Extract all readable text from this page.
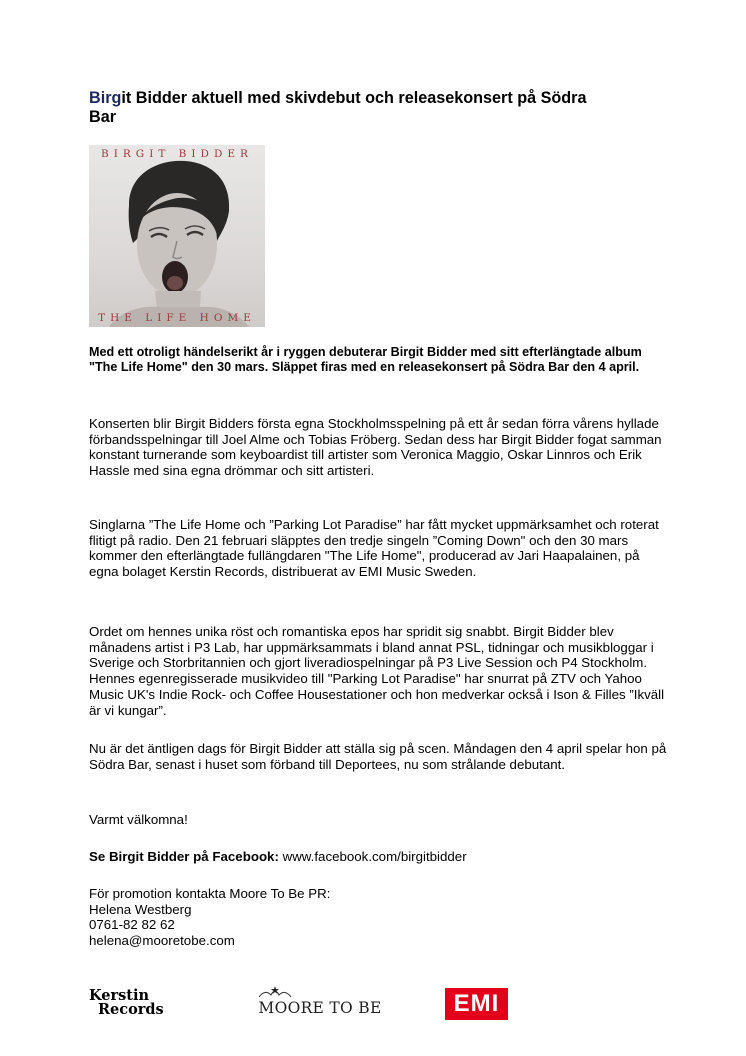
Birgit Bidder aktuell med skivdebut och releasekonsert på Södra
Bar
BIRGIT BIDDER
THE LIFE HOME

Med ett otroligt händelserikt år i ryggen debuterar Birgit Bidder med sitt efterlängtade album "The Life Home" den 30 mars. Släppet firas med en releasekonsert på Södra Bar den 4 april.

Konserten blir Birgit Bidders första egna Stockholmsspelning på ett år sedan förra vårens hyllade förbandsspelningar till Joel Alme och Tobias Fröberg. Sedan dess har Birgit Bidder fogat samman konstant turnerande som keyboardist till artister som Veronica Maggio, Oskar Linnros och Erik Hassle med sina egna drömmar och sitt artisteri.

Singlarna ”The Life Home och ”Parking Lot Paradise” har fått mycket uppmärksamhet och roterat flitigt på radio. Den 21 februari släpptes den tredje singeln ”Coming Down" och den 30 mars kommer den efterlängtade fullängdaren "The Life Home", producerad av Jari Haapalainen, på egna bolaget Kerstin Records, distribuerat av EMI Music Sweden.

Ordet om hennes unika röst och romantiska epos har spridit sig snabbt. Birgit Bidder blev månadens artist i P3 Lab, har uppmärksammats i bland annat PSL, tidningar och musikbloggar i Sverige och Storbritannien och gjort liveradiospelningar på P3 Live Session och P4 Stockholm. Hennes egenregisserade musikvideo till "Parking Lot Paradise" har snurrat på ZTV och Yahoo Music UK's Indie Rock- och Coffee Housestationer och hon medverkar också i Ison & Filles ”Ikväll är vi kungar”.

Nu är det äntligen dags för Birgit Bidder att ställa sig på scen. Måndagen den 4 april spelar hon på Södra Bar, senast i huset som förband till Deportees, nu som strålande debutant.

Varmt välkomna!

Se Birgit Bidder på Facebook: www.facebook.com/birgitbidder

För promotion kontakta Moore To Be PR:
Helena Westberg
0761-82 82 62
helena@mooretobe.com
Kerstin
Records	MOORE TO BE	EMI
